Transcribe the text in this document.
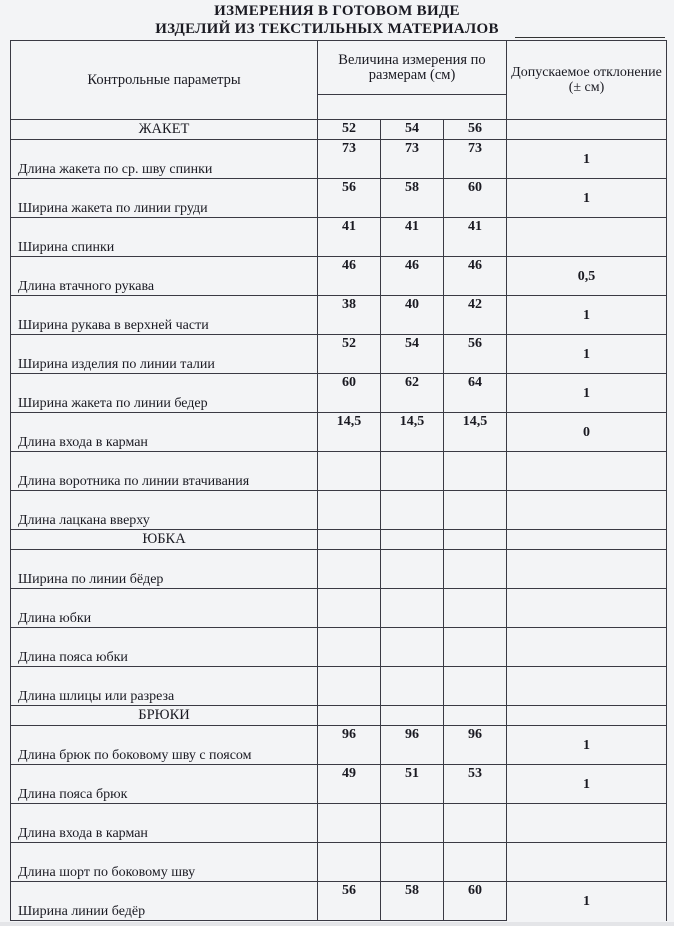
ИЗМЕРЕНИЯ В ГОТОВОМ ВИДЕ
ИЗДЕЛИЙ ИЗ ТЕКСТИЛЬНЫХ МАТЕРИАЛОВ
Контрольные параметры	Величина измерения по размерам (см)			Допускаемое отклонение (± см)

ЖАКЕТ	52	54	56	
Длина жакета по ср. шву спинки	73	73	73	1
Ширина жакета по линии груди	56	58	60	1
Ширина спинки	41	41	41	
Длина втачного рукава	46	46	46	0,5
Ширина рукава в верхней части	38	40	42	1
Ширина изделия по линии талии	52	54	56	1
Ширина жакета по линии бедер	60	62	64	1
Длина входа в карман	14,5	14,5	14,5	0
Длина воротника по линии втачивания				
Длина лацкана вверху				
ЮБКА				
Ширина по линии бёдер				
Длина юбки				
Длина пояса юбки				
Длина шлицы или разреза				
БРЮКИ				
Длина брюк по боковому шву с поясом	96	96	96	1
Длина пояса брюк	49	51	53	1
Длина входа в карман				
Длина шорт по боковому шву				
Ширина линии бедёр	56	58	60	1
